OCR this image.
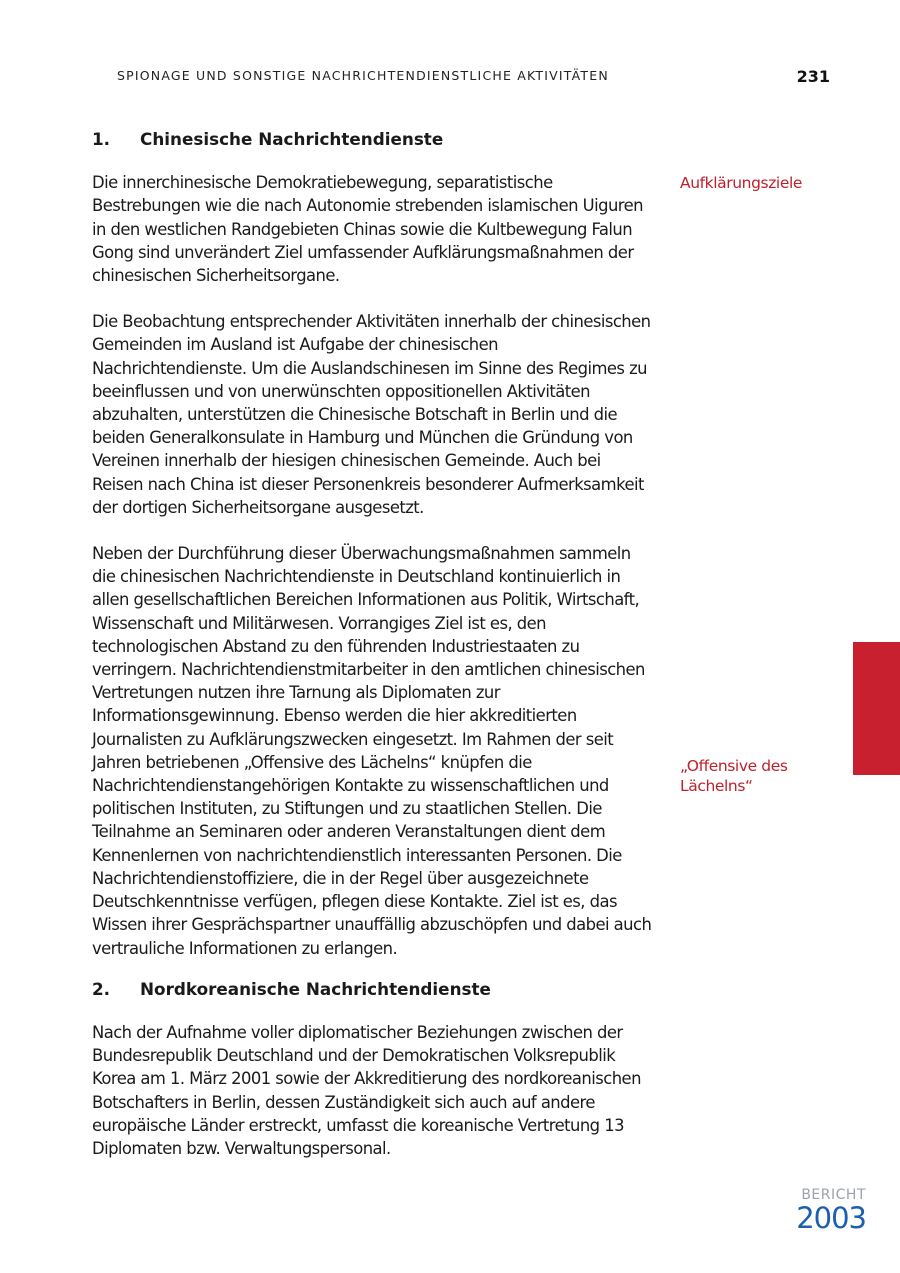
SPIONAGE UND SONSTIGE NACHRICHTENDIENSTLICHE AKTIVITÄTEN	231
1.	Chinesische Nachrichtendienste

Die innerchinesische Demokratiebewegung, separatistische Bestrebungen wie die nach Autonomie strebenden islamischen Uiguren in den westlichen Randgebieten Chinas sowie die Kultbewegung Falun Gong sind unverändert Ziel umfassender Aufklärungsmaßnahmen der chinesischen Sicherheitsorgane.

Die Beobachtung entsprechender Aktivitäten innerhalb der chinesischen Gemeinden im Ausland ist Aufgabe der chinesischen Nachrichtendienste. Um die Auslandschinesen im Sinne des Regimes zu beeinflussen und von unerwünschten oppositionellen Aktivitäten abzuhalten, unterstützen die Chinesische Botschaft in Berlin und die beiden Generalkonsulate in Hamburg und München die Gründung von Vereinen innerhalb der hiesigen chinesischen Gemeinde. Auch bei Reisen nach China ist dieser Personenkreis besonderer Aufmerksamkeit der dortigen Sicherheitsorgane ausgesetzt.

Neben der Durchführung dieser Überwachungsmaßnahmen sammeln die chinesischen Nachrichtendienste in Deutschland kontinuierlich in allen gesellschaftlichen Bereichen Informationen aus Politik, Wirtschaft, Wissenschaft und Militärwesen. Vorrangiges Ziel ist es, den technologischen Abstand zu den führenden Industriestaaten zu verringern. Nachrichtendienstmitarbeiter in den amtlichen chinesischen Vertretungen nutzen ihre Tarnung als Diplomaten zur Informationsgewinnung. Ebenso werden die hier akkreditierten Journalisten zu Aufklärungszwecken eingesetzt. Im Rahmen der seit Jahren betriebenen „Offensive des Lächelns“ knüpfen die Nachrichtendienstangehörigen Kontakte zu wissenschaftlichen und politischen Instituten, zu Stiftungen und zu staatlichen Stellen. Die Teilnahme an Seminaren oder anderen Veranstaltungen dient dem Kennenlernen von nachrichtendienstlich interessanten Personen. Die Nachrichtendienstoffiziere, die in der Regel über ausgezeichnete Deutschkenntnisse verfügen, pflegen diese Kontakte. Ziel ist es, das Wissen ihrer Gesprächspartner unauffällig abzuschöpfen und dabei auch vertrauliche Informationen zu erlangen.

2.	Nordkoreanische Nachrichtendienste

Nach der Aufnahme voller diplomatischer Beziehungen zwischen der Bundesrepublik Deutschland und der Demokratischen Volksrepublik Korea am 1. März 2001 sowie der Akkreditierung des nordkoreanischen Botschafters in Berlin, dessen Zuständigkeit sich auch auf andere europäische Länder erstreckt, umfasst die koreanische Vertretung 13 Diplomaten bzw. Verwaltungspersonal.

Aufklärungsziele
„Offensive des Lächelns“
BERICHT
2003
